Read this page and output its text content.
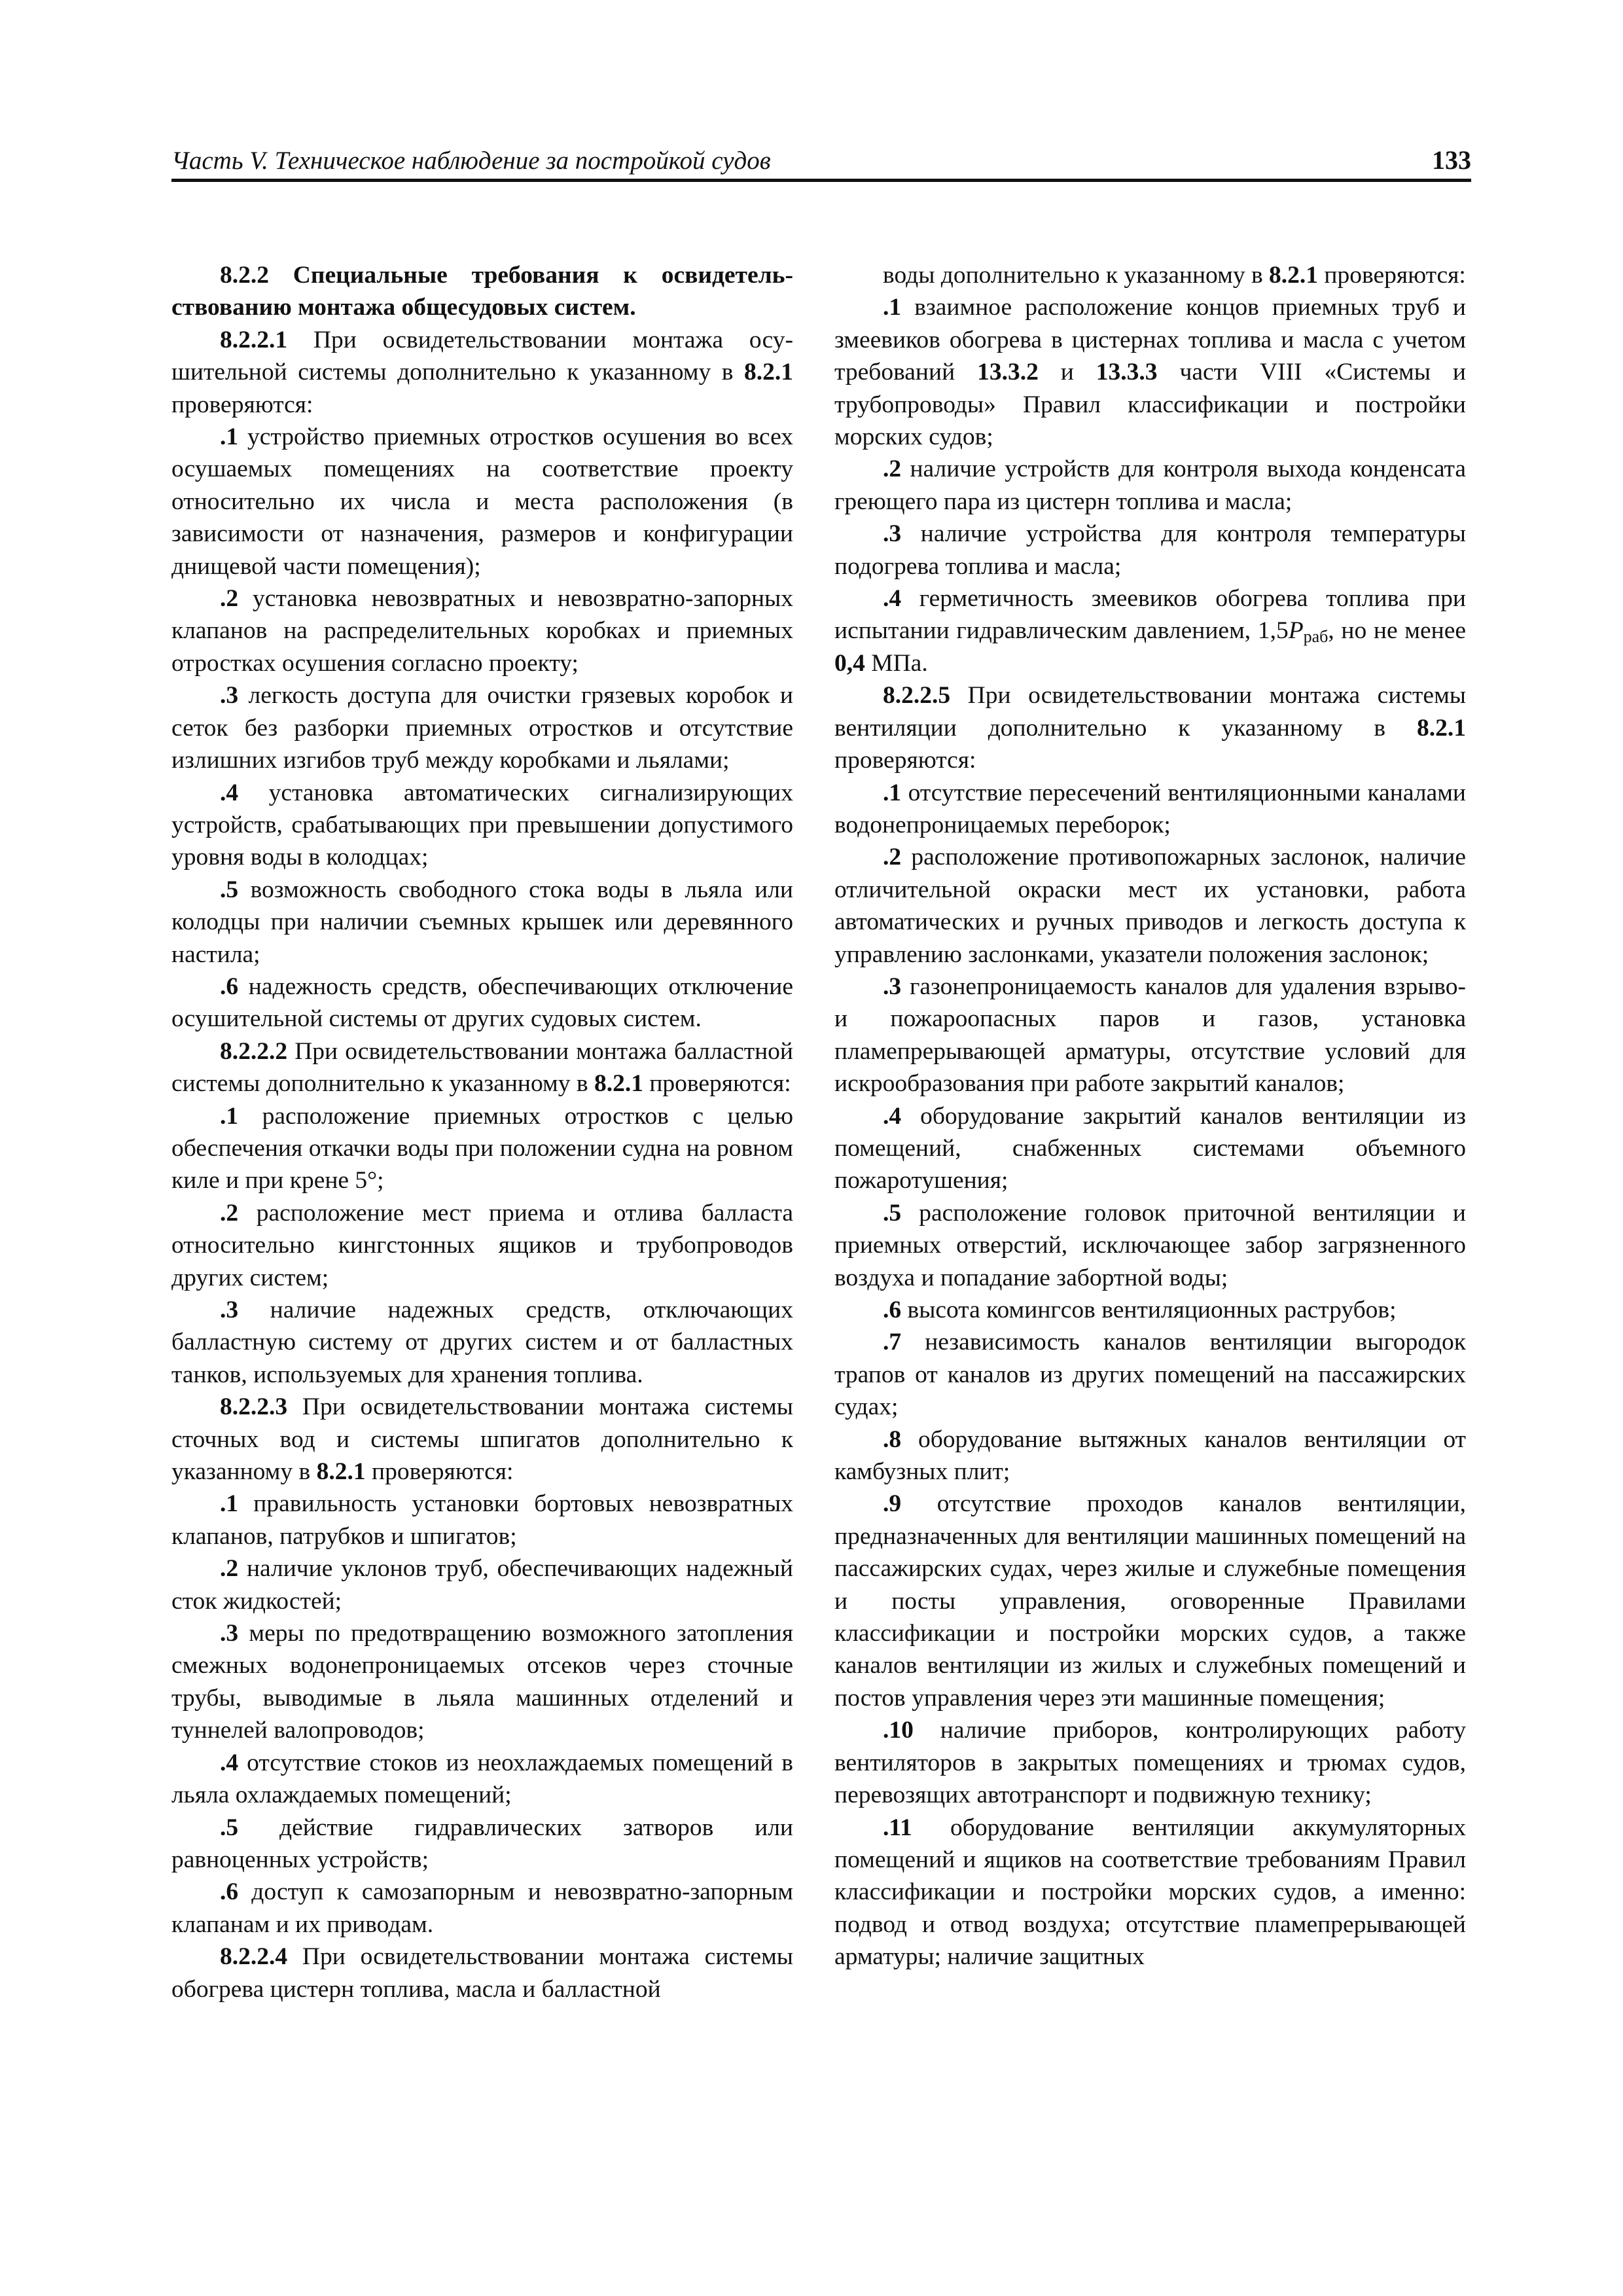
Часть V. Техническое наблюдение за постройкой судов	133

8.2.2 Специальные требования к освидетельствованию монтажа общесудовых систем.

8.2.2.1 При освидетельствовании монтажа осушительной системы дополнительно к указанному в 8.2.1 проверяются:

.1 устройство приемных отростков осушения во всех осушаемых помещениях на соответствие проекту относительно их числа и места расположения (в зависимости от назначения, размеров и конфигурации днищевой части помещения);

.2 установка невозвратных и невозвратно-запорных клапанов на распределительных коробках и приемных отростках осушения согласно проекту;

.3 легкость доступа для очистки грязевых коробок и сеток без разборки приемных отростков и отсутствие излишних изгибов труб между коробками и льялами;

.4 установка автоматических сигнализирующих устройств, срабатывающих при превышении допустимого уровня воды в колодцах;

.5 возможность свободного стока воды в льяла или колодцы при наличии съемных крышек или деревянного настила;

.6 надежность средств, обеспечивающих отключение осушительной системы от других судовых систем.

8.2.2.2 При освидетельствовании монтажа балластной системы дополнительно к указанному в 8.2.1 проверяются:

.1 расположение приемных отростков с целью обеспечения откачки воды при положении судна на ровном киле и при крене 5°;

.2 расположение мест приема и отлива балласта относительно кингстонных ящиков и трубопроводов других систем;

.3 наличие надежных средств, отключающих балластную систему от других систем и от балластных танков, используемых для хранения топлива.

8.2.2.3 При освидетельствовании монтажа системы сточных вод и системы шпигатов дополнительно к указанному в 8.2.1 проверяются:

.1 правильность установки бортовых невозвратных клапанов, патрубков и шпигатов;

.2 наличие уклонов труб, обеспечивающих надежный сток жидкостей;

.3 меры по предотвращению возможного затопления смежных водонепроницаемых отсеков через сточные трубы, выводимые в льяла машинных отделений и туннелей валопроводов;

.4 отсутствие стоков из неохлаждаемых помещений в льяла охлаждаемых помещений;

.5 действие гидравлических затворов или равноценных устройств;

.6 доступ к самозапорным и невозвратно-запорным клапанам и их приводам.

8.2.2.4 При освидетельствовании монтажа системы обогрева цистерн топлива, масла и балластной

воды дополнительно к указанному в 8.2.1 проверяются:

.1 взаимное расположение концов приемных труб и змеевиков обогрева в цистернах топлива и масла с учетом требований 13.3.2 и 13.3.3 части VIII «Системы и трубопроводы» Правил классификации и постройки морских судов;

.2 наличие устройств для контроля выхода конденсата греющего пара из цистерн топлива и масла;

.3 наличие устройства для контроля температуры подогрева топлива и масла;

.4 герметичность змеевиков обогрева топлива при испытании гидравлическим давлением, $1,5P_{раб}$, но не менее 0,4 МПа.

8.2.2.5 При освидетельствовании монтажа системы вентиляции дополнительно к указанному в 8.2.1 проверяются:

.1 отсутствие пересечений вентиляционными каналами водонепроницаемых переборок;

.2 расположение противопожарных заслонок, наличие отличительной окраски мест их установки, работа автоматических и ручных приводов и легкость доступа к управлению заслонками, указатели положения заслонок;

.3 газонепроницаемость каналов для удаления взрыво- и пожароопасных паров и газов, установка пламепрерывающей арматуры, отсутствие условий для искрообразования при работе закрытий каналов;

.4 оборудование закрытий каналов вентиляции из помещений, снабженных системами объемного пожаротушения;

.5 расположение головок приточной вентиляции и приемных отверстий, исключающее забор загрязненного воздуха и попадание забортной воды;

.6 высота комингсов вентиляционных раструбов;

.7 независимость каналов вентиляции выгородок трапов от каналов из других помещений на пассажирских судах;

.8 оборудование вытяжных каналов вентиляции от камбузных плит;

.9 отсутствие проходов каналов вентиляции, предназначенных для вентиляции машинных помещений на пассажирских судах, через жилые и служебные помещения и посты управления, оговоренные Правилами классификации и постройки морских судов, а также каналов вентиляции из жилых и служебных помещений и постов управления через эти машинные помещения;

.10 наличие приборов, контролирующих работу вентиляторов в закрытых помещениях и трюмах судов, перевозящих автотранспорт и подвижную технику;

.11 оборудование вентиляции аккумуляторных помещений и ящиков на соответствие требованиям Правил классификации и постройки морских судов, а именно: подвод и отвод воздуха; отсутствие пламепрерывающей арматуры; наличие защитных
